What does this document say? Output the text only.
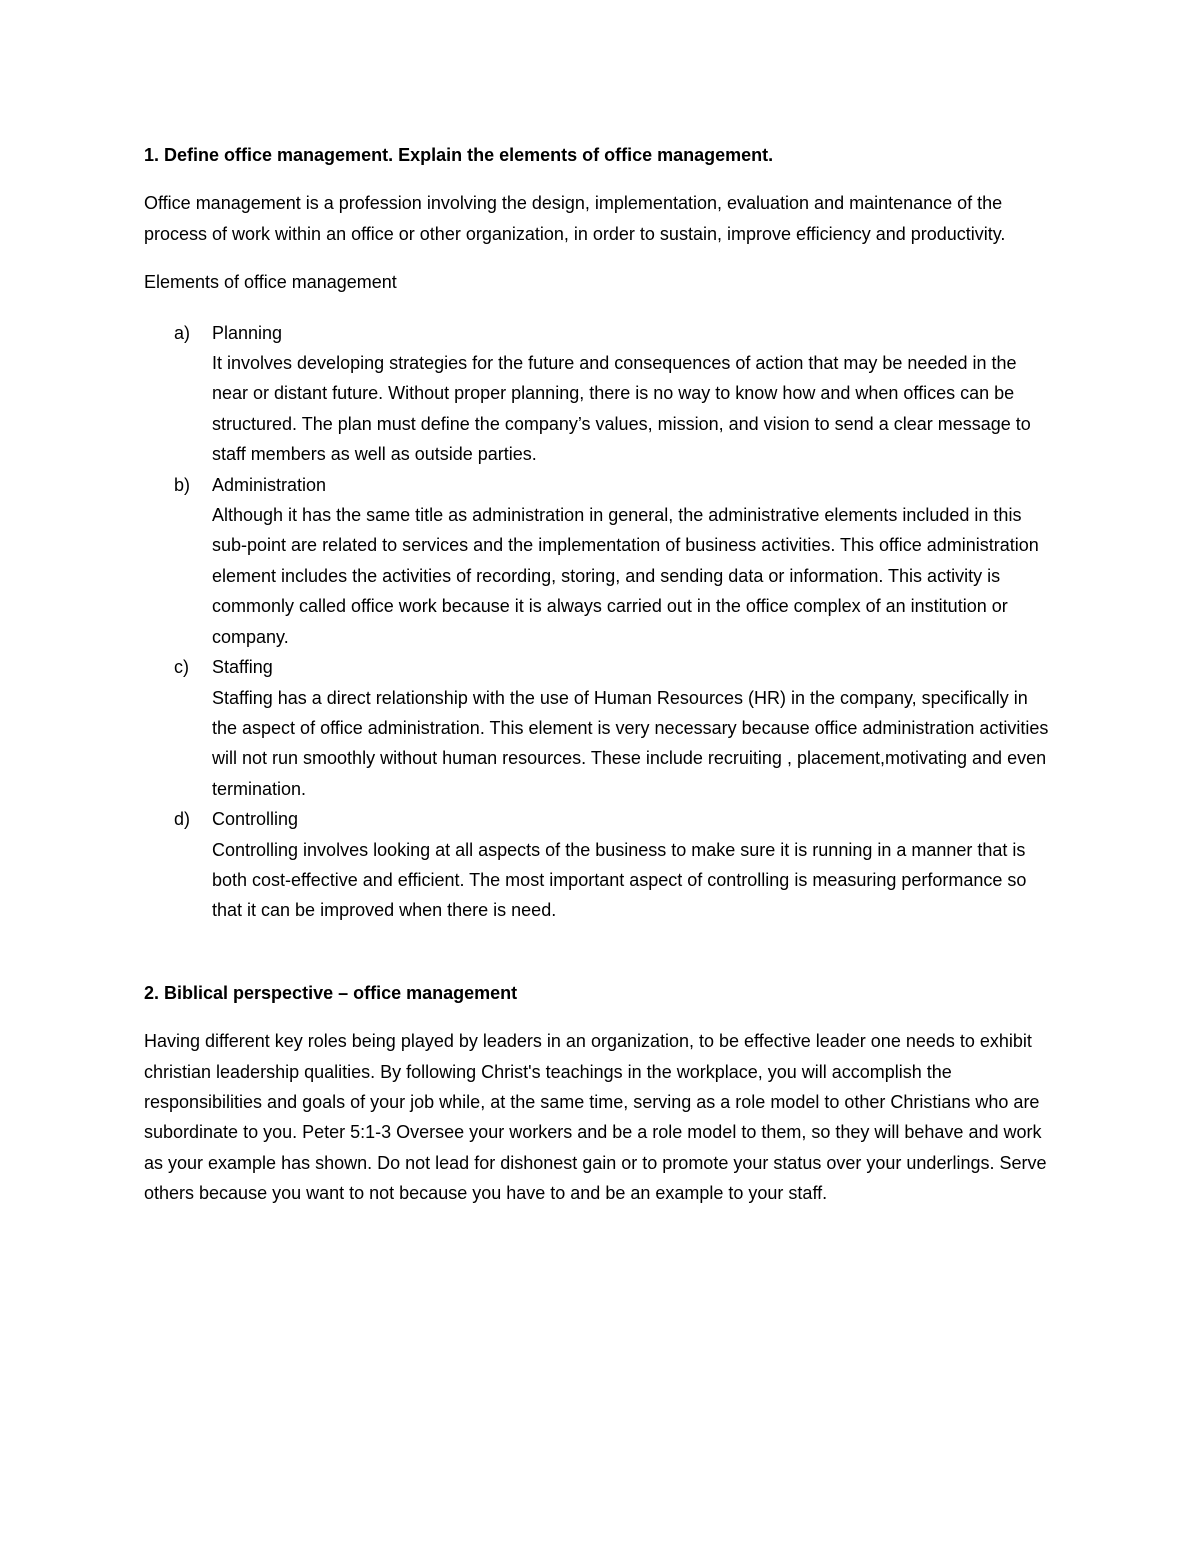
1. Define office management. Explain the elements of office management.

Office management is a profession involving the design, implementation, evaluation and maintenance of the process of work within an office or other organization, in order to sustain, improve efficiency and productivity.

Elements of office management

a) Planning
It involves developing strategies for the future and consequences of action that may be needed in the near or distant future. Without proper planning, there is no way to know how and when offices can be structured. The plan must define the company’s values, mission, and vision to send a clear message to staff members as well as outside parties.
b) Administration
Although it has the same title as administration in general, the administrative elements included in this sub-point are related to services and the implementation of business activities. This office administration element includes the activities of recording, storing, and sending data or information. This activity is commonly called office work because it is always carried out in the office complex of an institution or company.
c) Staffing
Staffing has a direct relationship with the use of Human Resources (HR) in the company, specifically in the aspect of office administration. This element is very necessary because office administration activities will not run smoothly without human resources. These include recruiting , placement,motivating and even termination.
d) Controlling
Controlling involves looking at all aspects of the business to make sure it is running in a manner that is both cost-effective and efficient. The most important aspect of controlling is measuring performance so that it can be improved when there is need.

2. Biblical perspective – office management

Having different key roles being played by leaders in an organization, to be effective leader one needs to exhibit christian leadership qualities. By following Christ's teachings in the workplace, you will accomplish the responsibilities and goals of your job while, at the same time, serving as a role model to other Christians who are subordinate to you. Peter 5:1-3 Oversee your workers and be a role model to them, so they will behave and work as your example has shown. Do not lead for dishonest gain or to promote your status over your underlings. Serve others because you want to not because you have to and be an example to your staff.
